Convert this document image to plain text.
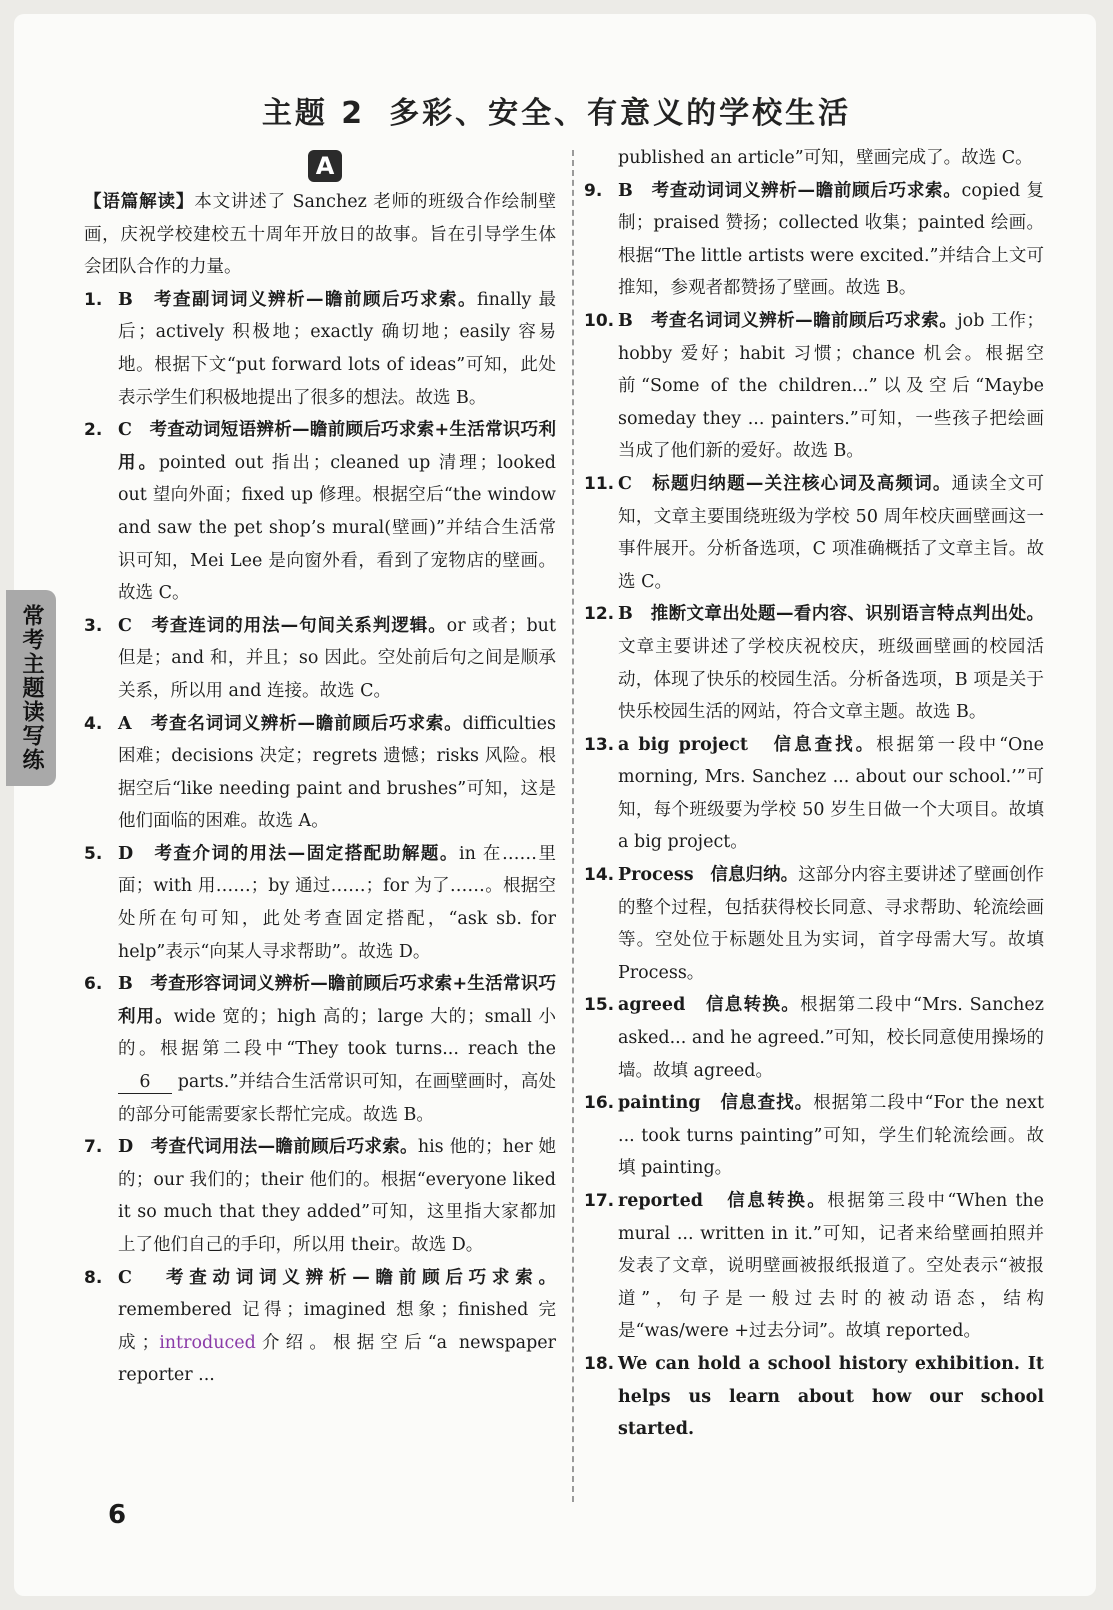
主题 2 多彩、安全、有意义的学校生活
A
常考主题读写练
【语篇解读】本文讲述了 Sanchez 老师的班级合作绘制壁画，庆祝学校建校五十周年开放日的故事。旨在引导学生体会团队合作的力量。
1. B 考查副词词义辨析—瞻前顾后巧求索。finally 最后；actively 积极地；exactly 确切地；easily 容易地。根据下文“put forward lots of ideas”可知，此处表示学生们积极地提出了很多的想法。故选 B。
2. C 考查动词短语辨析—瞻前顾后巧求索+生活常识巧利用。pointed out 指出；cleaned up 清理；looked out 望向外面；fixed up 修理。根据空后“the window and saw the pet shop’s mural(壁画)”并结合生活常识可知，Mei Lee 是向窗外看，看到了宠物店的壁画。故选 C。
3. C 考查连词的用法—句间关系判逻辑。or 或者；but 但是；and 和，并且；so 因此。空处前后句之间是顺承关系，所以用 and 连接。故选 C。
4. A 考查名词词义辨析—瞻前顾后巧求索。difficulties 困难；decisions 决定；regrets 遗憾；risks 风险。根据空后“like needing paint and brushes”可知，这是他们面临的困难。故选 A。
5. D 考查介词的用法—固定搭配助解题。in 在……里面；with 用……；by 通过……；for 为了……。根据空处所在句可知，此处考查固定搭配，“ask sb. for help”表示“向某人寻求帮助”。故选 D。
6. B 考查形容词词义辨析—瞻前顾后巧求索+生活常识巧利用。wide 宽的；high 高的；large 大的；small 小的。根据第二段中“They took turns... reach the 6 parts.”并结合生活常识可知，在画壁画时，高处的部分可能需要家长帮忙完成。故选 B。
7. D 考查代词用法—瞻前顾后巧求索。his 他的；her 她的；our 我们的；their 他们的。根据“everyone liked it so much that they added”可知，这里指大家都加上了他们自己的手印，所以用 their。故选 D。
8. C 考查动词词义辨析—瞻前顾后巧求索。remembered 记得；imagined 想象；finished 完成；introduced介绍。根据空后“a newspaper reporter ...
published an article”可知，壁画完成了。故选 C。
9. B 考查动词词义辨析—瞻前顾后巧求索。copied 复制；praised 赞扬；collected 收集；painted 绘画。根据“The little artists were excited.”并结合上文可推知，参观者都赞扬了壁画。故选 B。
10. B 考查名词词义辨析—瞻前顾后巧求索。job 工作；hobby 爱好；habit 习惯；chance 机会。根据空前“Some of the children...”以及空后“Maybe someday they ... painters.”可知，一些孩子把绘画当成了他们新的爱好。故选 B。
11. C 标题归纳题—关注核心词及高频词。通读全文可知，文章主要围绕班级为学校 50 周年校庆画壁画这一事件展开。分析备选项，C 项准确概括了文章主旨。故选 C。
12. B 推断文章出处题—看内容、识别语言特点判出处。文章主要讲述了学校庆祝校庆，班级画壁画的校园活动，体现了快乐的校园生活。分析备选项，B 项是关于快乐校园生活的网站，符合文章主题。故选 B。
13. a big project 信息查找。根据第一段中“One morning, Mrs. Sanchez ... about our school.’”可知，每个班级要为学校 50 岁生日做一个大项目。故填 a big project。
14. Process 信息归纳。这部分内容主要讲述了壁画创作的整个过程，包括获得校长同意、寻求帮助、轮流绘画等。空处位于标题处且为实词，首字母需大写。故填 Process。
15. agreed 信息转换。根据第二段中“Mrs. Sanchez asked... and he agreed.”可知，校长同意使用操场的墙。故填 agreed。
16. painting 信息查找。根据第二段中“For the next ... took turns painting”可知，学生们轮流绘画。故填 painting。
17. reported 信息转换。根据第三段中“When the mural ... written in it.”可知，记者来给壁画拍照并发表了文章，说明壁画被报纸报道了。空处表示“被报道”，句子是一般过去时的被动语态，结构是“was/were +过去分词”。故填 reported。
18. We can hold a school history exhibition. It helps us learn about how our school started.
6
